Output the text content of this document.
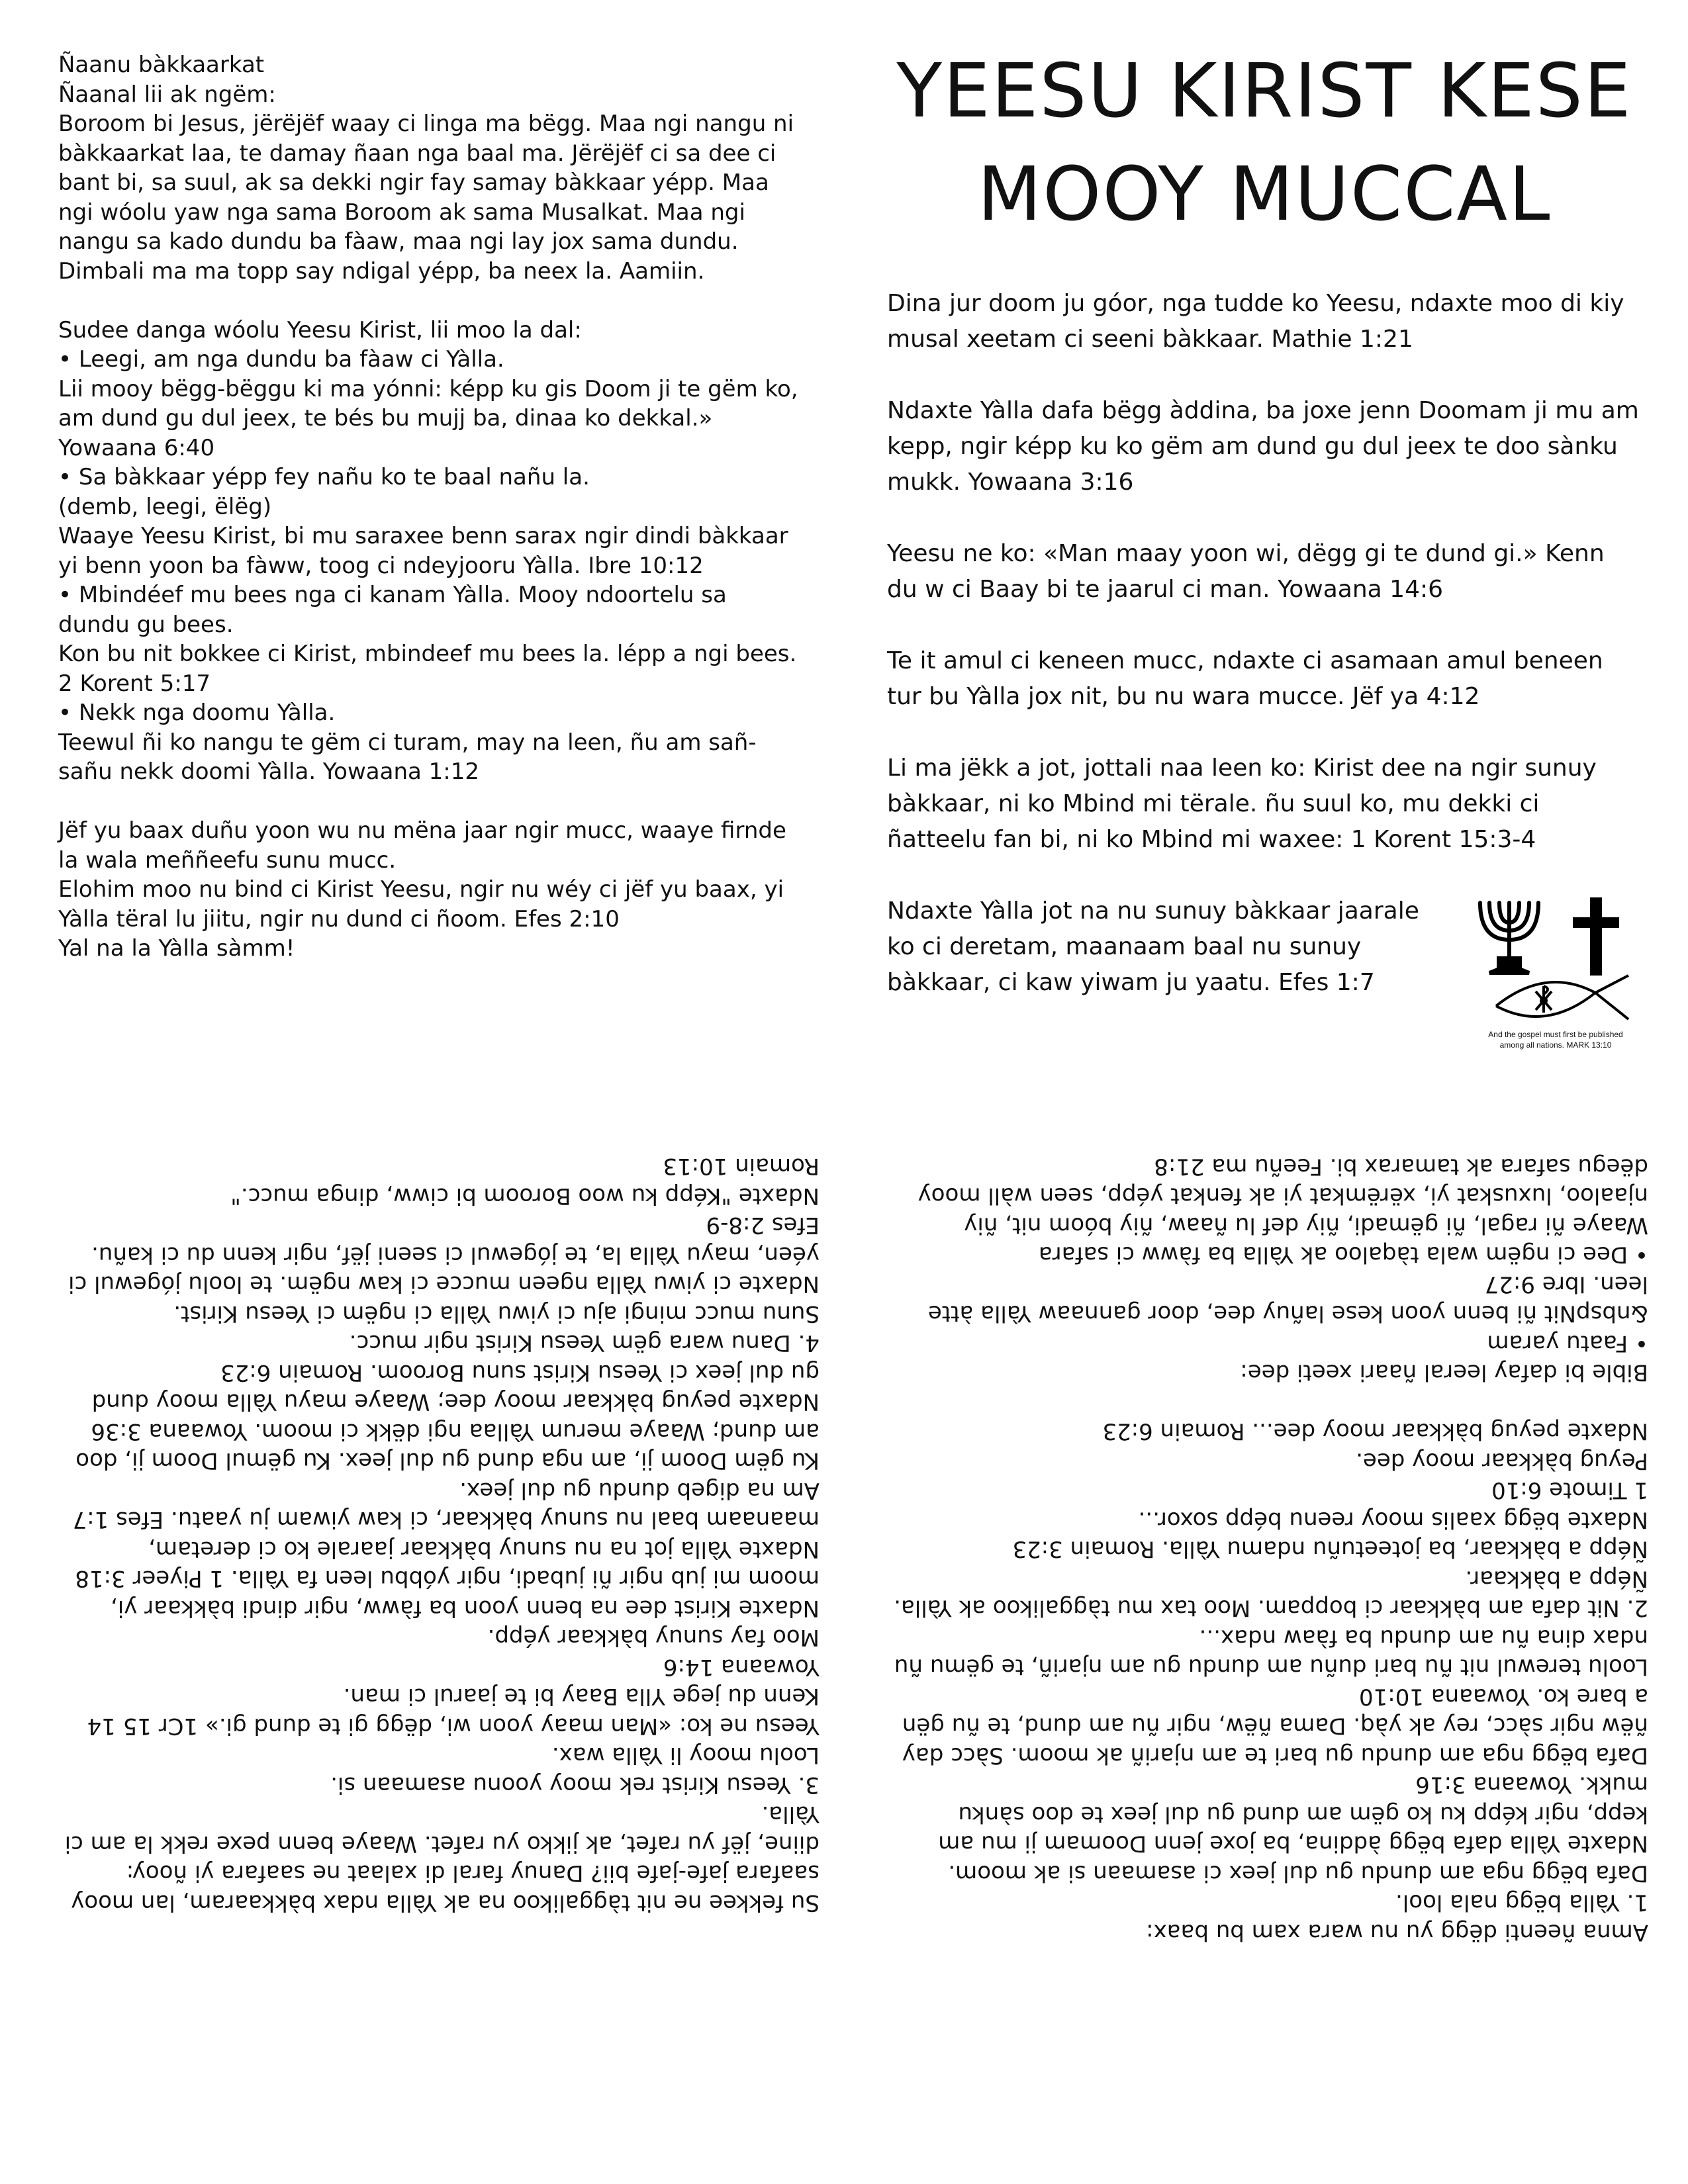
Ñaanu bàkkaarkat
Ñaanal lii ak ngëm:
Boroom bi Jesus, jërëjëf waay ci linga ma bëgg. Maa ngi nangu ni bàkkaarkat laa, te damay ñaan nga baal ma. Jërëjëf ci sa dee ci bant bi, sa suul, ak sa dekki ngir fay samay bàkkaar yépp. Maa ngi wóolu yaw nga sama Boroom ak sama Musalkat. Maa ngi nangu sa kado dundu ba fàaw, maa ngi lay jox sama dundu. Dimbali ma ma topp say ndigal yépp, ba neex la. Aamiin.
Sudee danga wóolu Yeesu Kirist, lii moo la dal:
• Leegi, am nga dundu ba fàaw ci Yàlla.
Lii mooy bëgg-bëggu ki ma yónni: képp ku gis Doom ji te gëm ko, am dund gu dul jeex, te bés bu mujj ba, dinaa ko dekkal.» Yowaana 6:40
• Sa bàkkaar yépp fey nañu ko te baal nañu la.
(demb, leegi, ëlëg)
Waaye Yeesu Kirist, bi mu saraxee benn sarax ngir dindi bàkkaar yi benn yoon ba fàww, toog ci ndeyjooru Yàlla. Ibre 10:12
• Mbindéef mu bees nga ci kanam Yàlla. Mooy ndoortelu sa dundu gu bees.
Kon bu nit bokkee ci Kirist, mbindeef mu bees la. lépp a ngi bees. 2 Korent 5:17
• Nekk nga doomu Yàlla.
Teewul ñi ko nangu te gëm ci turam, may na leen, ñu am sañ-sañu nekk doomi Yàlla. Yowaana 1:12
Jëf yu baax duñu yoon wu nu mëna jaar ngir mucc, waaye firnde la wala meññeefu sunu mucc.
Elohim moo nu bind ci Kirist Yeesu, ngir nu wéy ci jëf yu baax, yi Yàlla tëral lu jiitu, ngir nu dund ci ñoom. Efes 2:10
Yal na la Yàlla sàmm!
YEESU KIRIST KESE MOOY MUCCAL

Dina jur doom ju góor, nga tudde ko Yeesu, ndaxte moo di kiy musal xeetam ci seeni bàkkaar. Mathie 1:21

Ndaxte Yàlla dafa bëgg àddina, ba joxe jenn Doomam ji mu am kepp, ngir képp ku ko gëm am dund gu dul jeex te doo sànku mukk. Yowaana 3:16

Yeesu ne ko: «Man maay yoon wi, dëgg gi te dund gi.» Kenn du w ci Baay bi te jaarul ci man. Yowaana 14:6

Te it amul ci keneen mucc, ndaxte ci asamaan amul beneen tur bu Yàlla jox nit, bu nu wara mucce. Jëf ya 4:12

Li ma jëkk a jot, jottali naa leen ko: Kirist dee na ngir sunuy bàkkaar, ni ko Mbind mi tërale. ñu suul ko, mu dekki ci ñatteelu fan bi, ni ko Mbind mi waxee: 1 Korent 15:3-4

Ndaxte Yàlla jot na nu sunuy bàkkaar jaarale ko ci deretam, maanaam baal nu sunuy bàkkaar, ci kaw yiwam ju yaatu. Efes 1:7

And the gospel must first be published
among all nations. MARK 13:10
Su fekkee ne nit tàggalikoo na ak Yàlla ndax bàkkaaram, lan mooy saafara jafe-jafe bii? Danuy faral di xalaat ne saafara yi ñooy: diine, jëf yu rafet, ak jikko yu rafet. Waaye benn pexe rekk la am ci Yàlla.
3. Yeesu Kirist rek mooy yoonu asamaan si.
Loolu mooy li Yàlla wax.
Yeesu ne ko: «Man maay yoon wi, dëgg gi te dund gi.» 1Cr 15 14 Kenn du jege Ylla Baay bi te jaarul ci man.
Yowaana 14:6
Moo fay sunuy bàkkaar yépp.
Ndaxte Kirist dee na benn yoon ba fàww, ngir dindi bàkkaar yi, moom mi jub ngir ñi jubadi, ngir yóbbu leen fa Yàlla. 1 Piyeer 3:18
Ndaxte Yàlla jot na nu sunuy bàkkaar jaarale ko ci deretam, maanaam baal nu sunuy bàkkaar, ci kaw yiwam ju yaatu. Efes 1:7
Am na digeb dundu gu dul jeex.
Ku gëm Doom ji, am nga dund gu dul jeex. Ku gëmul Doom ji, doo am dund; Waaye merum Yàllaa ngi dëkk ci moom. Yowaana 3:36
Ndaxte peyug bàkkaar mooy dee; Waaye mayu Yàlla mooy dund gu dul jeex ci Yeesu Kirist sunu Boroom. Romain 6:23
4. Danu wara gëm Yeesu Kirist ngir mucc.
Sunu mucc mingi aju ci yiwu Yàlla ci ngëm ci Yeesu Kirist.
Ndaxte ci yiwu Yàlla ngeen mucce ci kaw ngëm. te loolu jógewul ci yéen, mayu Yàlla la, te jógewul ci seeni jëf, ngir kenn du ci kañu. Efes 2:8-9
Ndaxte "Képp ku woo Boroom bi ciww, dinga mucc."
Romain 10:13
Amna ñeenti dëgg yu nu wara xam bu baax:
1. Yàlla bëgg nala lool.
Dafa bëgg nga am dundu gu dul jeex ci asamaan si ak moom.
Ndaxte Yàlla dafa bëgg àddina, ba joxe jenn Doomam ji mu am kepp, ngir képp ku ko gëm am dund gu dul jeex te doo sànku mukk. Yowaana 3:16
Dafa bëgg nga am dundu gu bari te am njariñ ak moom. Sàcc day ñëw ngir sàcc, rey ak yàq. Dama ñëw, ngir ñu am dund, te ñu gën a bare ko. Yowaana 10:10
Loolu terewul nit ñu bari duñu am dundu gu am njariñ, te gëmu ñu ndax dina ñu am dundu ba fàaw ndax...
2. Nit dafa am bàkkaar ci boppam. Moo tax mu tàggalikoo ak Yàlla.
Ñépp a bàkkaar.
Ñépp a bàkkaar, ba joteetuñu ndamu Yàlla. Romain 3:23
Ndaxte bëgg xaalis mooy reenu bépp soxor...
1 Timote 6:10
Peyug bàkkaar mooy dee.
Ndaxte peyug bàkkaar mooy dee... Romain 6:23
Bible bi dafay leeral ñaari xeeti dee:
• Faatu yaram
&nbspNit ñi benn yoon kese lañuy dee, door gannaaw Yàlla àtte leen. Ibre 9:27
• Dee ci ngëm wala tàqaloo ak Yàlla ba fàww ci safara
Waaye ñi ragal, ñi gëmadi, ñiy def lu ñaaw, ñiy bóom nit, ñiy njaaloo, luxuskat yi, xërëmkat yi ak fenkat yépp, seen wàll mooy dëegu safara ak tamarax bi. Feeñu ma 21:8
